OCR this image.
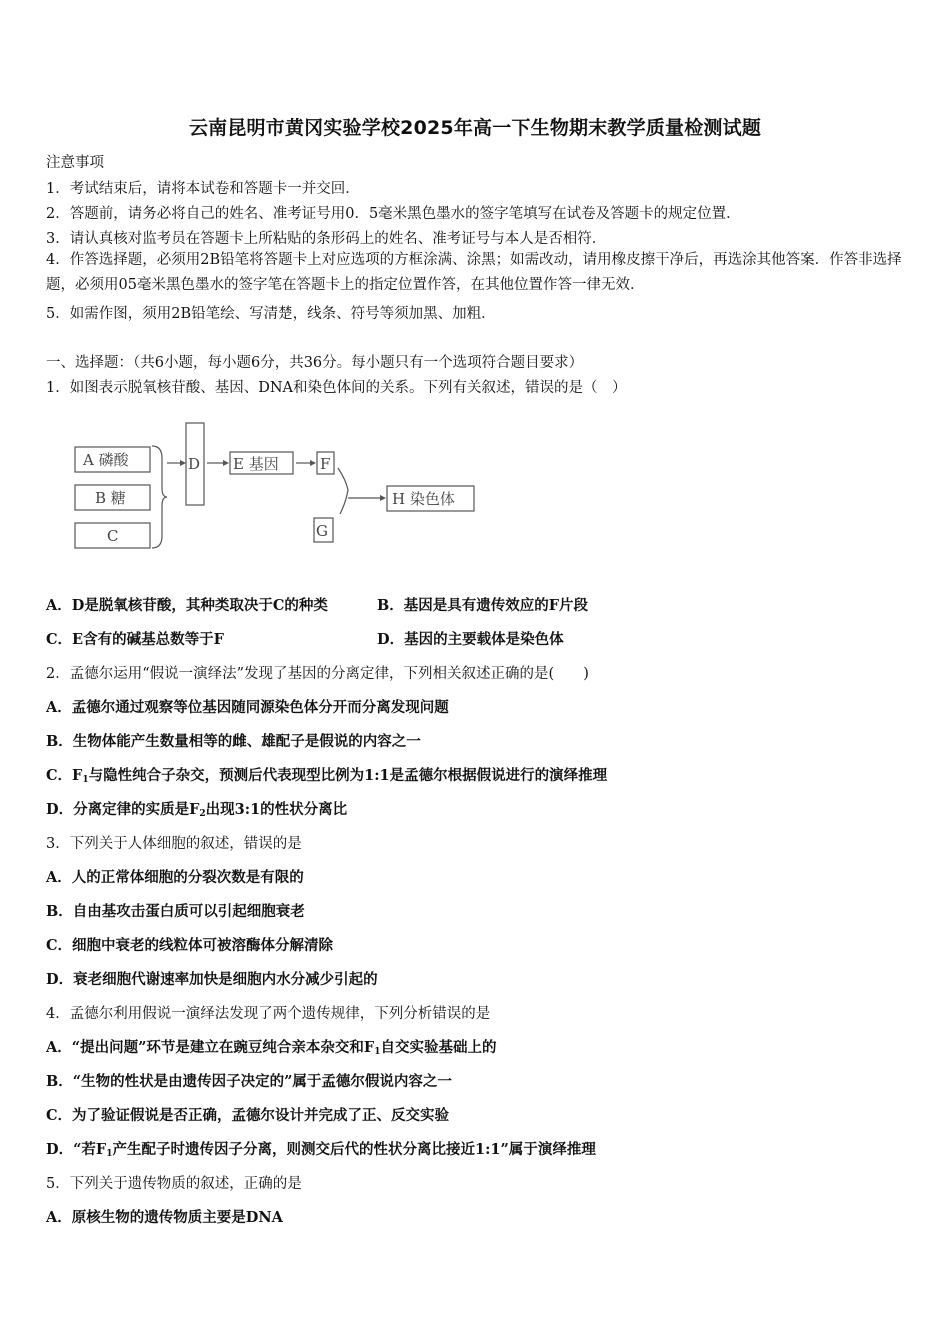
云南昆明市黄冈实验学校2025年高一下生物期末教学质量检测试题
注意事项
1．考试结束后，请将本试卷和答题卡一并交回．
2．答题前，请务必将自己的姓名、准考证号用0．5毫米黑色墨水的签字笔填写在试卷及答题卡的规定位置．
3．请认真核对监考员在答题卡上所粘贴的条形码上的姓名、准考证号与本人是否相符．
4．作答选择题，必须用2B铅笔将答题卡上对应选项的方框涂满、涂黑；如需改动，请用橡皮擦干净后，再选涂其他答案．作答非选择题，必须用05毫米黑色墨水的签字笔在答题卡上的指定位置作答，在其他位置作答一律无效．
5．如需作图，须用2B铅笔绘、写清楚，线条、符号等须加黑、加粗．
一、选择题：（共6小题，每小题6分，共36分。每小题只有一个选项符合题目要求）
1．如图表示脱氧核苷酸、基因、DNA和染色体间的关系。下列有关叙述，错误的是（　）
A 磷酸
B 糖
C
D E 基因	F
G
H 染色体
A．D是脱氧核苷酸，其种类取决于C的种类	B．基因是具有遗传效应的F片段
C．E含有的碱基总数等于F	D．基因的主要载体是染色体
2．孟德尔运用“假说一演绎法”发现了基因的分离定律，下列相关叙述正确的是(　　)
A．孟德尔通过观察等位基因随同源染色体分开而分离发现问题
B．生物体能产生数量相等的雌、雄配子是假说的内容之一
C．$F_1$与隐性纯合子杂交，预测后代表现型比例为1:1是孟德尔根据假说进行的演绎推理
D．分离定律的实质是$F_2$出现3:1的性状分离比
3．下列关于人体细胞的叙述，错误的是
A．人的正常体细胞的分裂次数是有限的
B．自由基攻击蛋白质可以引起细胞衰老
C．细胞中衰老的线粒体可被溶酶体分解清除
D．衰老细胞代谢速率加快是细胞内水分减少引起的
4．孟德尔利用假说一演绎法发现了两个遗传规律，下列分析错误的是
A．“提出问题”环节是建立在豌豆纯合亲本杂交和$F_1$自交实验基础上的
B．“生物的性状是由遗传因子决定的”属于孟德尔假说内容之一
C．为了验证假说是否正确，孟德尔设计并完成了正、反交实验
D．“若$F_1$产生配子时遗传因子分离，则测交后代的性状分离比接近1:1”属于演绎推理
5．下列关于遗传物质的叙述，正确的是
A．原核生物的遗传物质主要是DNA
